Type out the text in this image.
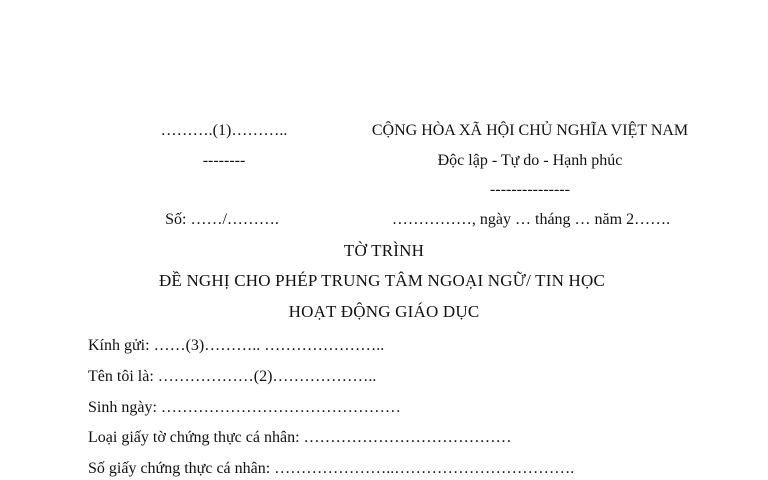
……….(1)………..
--------
Số: ……/……….
CỘNG HÒA XÃ HỘI CHỦ NGHĨA VIỆT NAM
Độc lập - Tự do - Hạnh phúc
---------------
……………, ngày … tháng … năm 2…….
TỜ TRÌNH
ĐỀ NGHỊ CHO PHÉP TRUNG TÂM NGOẠI NGỮ/ TIN HỌC
HOẠT ĐỘNG GIÁO DỤC
Kính gửi: ……(3)……….. …………………..
Tên tôi là: ………………(2)………………..
Sinh ngày: ………………………………………
Loại giấy tờ chứng thực cá nhân: …………………………………
Số giấy chứng thực cá nhân: …………………..…………………………….
